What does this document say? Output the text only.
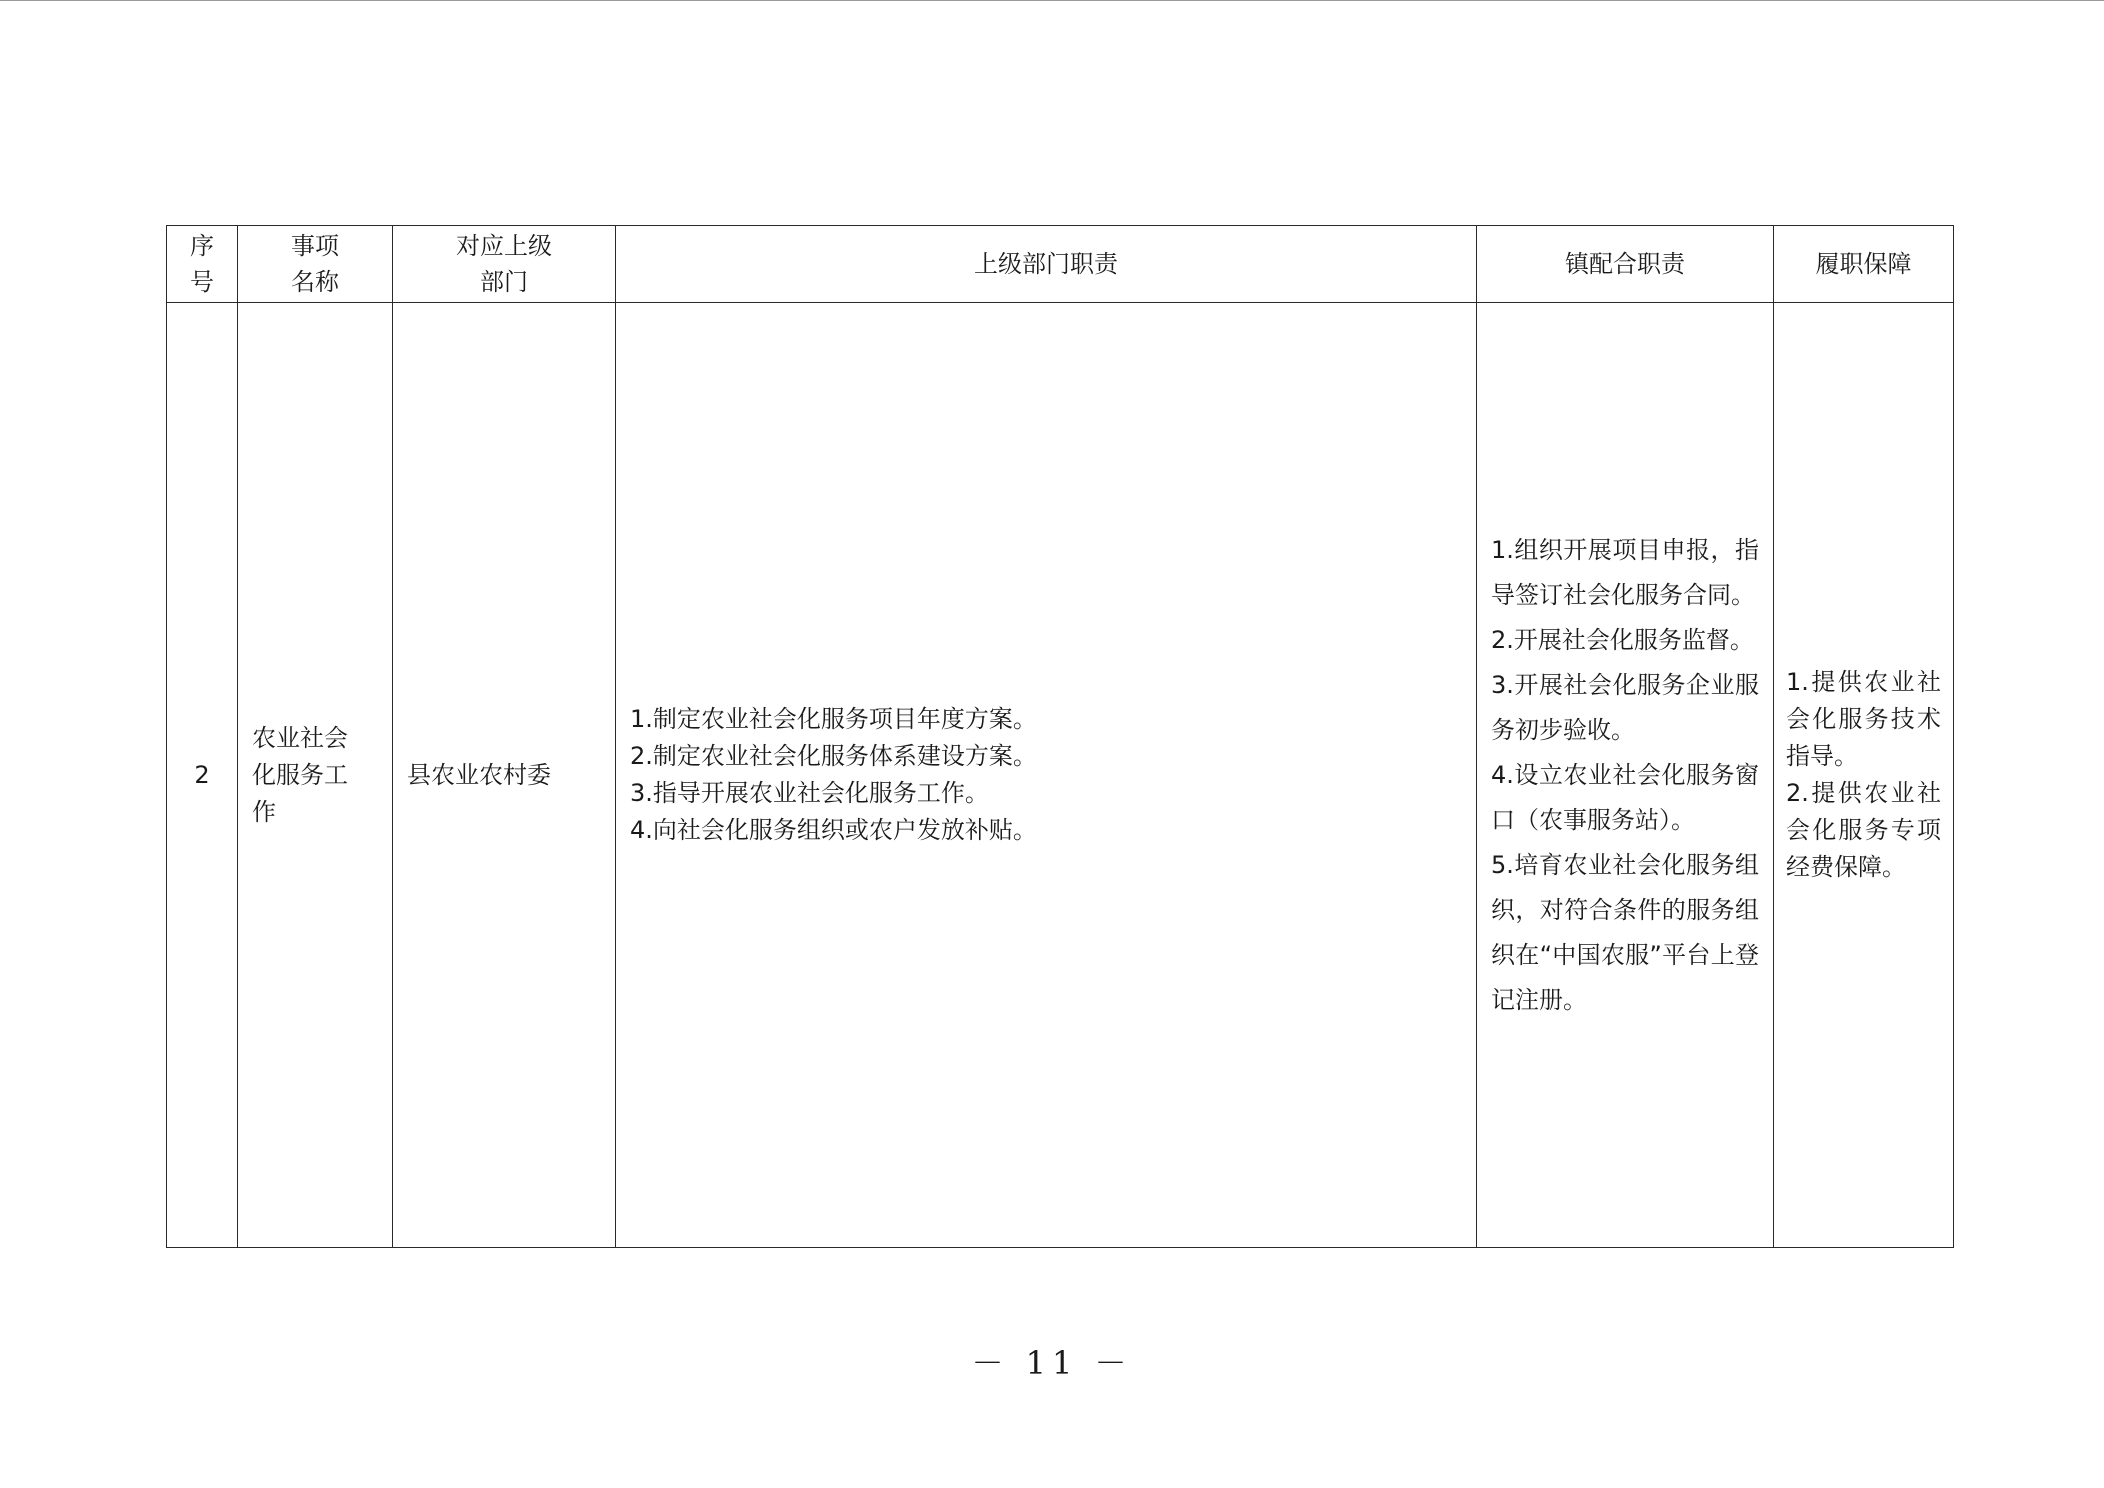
序
号	事项
名称	对应上级
部门	上级部门职责	镇配合职责	履职保障
2	农业社会
化服务工
作	县农业农村委	1.制定农业社会化服务项目年度方案。
2.制定农业社会化服务体系建设方案。
3.指导开展农业社会化服务工作。
4.向社会化服务组织或农户发放补贴。	1.组织开展项目申报，指导签订社会化服务合同。
2.开展社会化服务监督。
3.开展社会化服务企业服务初步验收。
4.设立农业社会化服务窗口（农事服务站）。
5.培育农业社会化服务组织，对符合条件的服务组织在“中国农服”平台上登记注册。	1.提供农业社会化服务技术指导。
2.提供农业社会化服务专项经费保障。
－ 11 －
